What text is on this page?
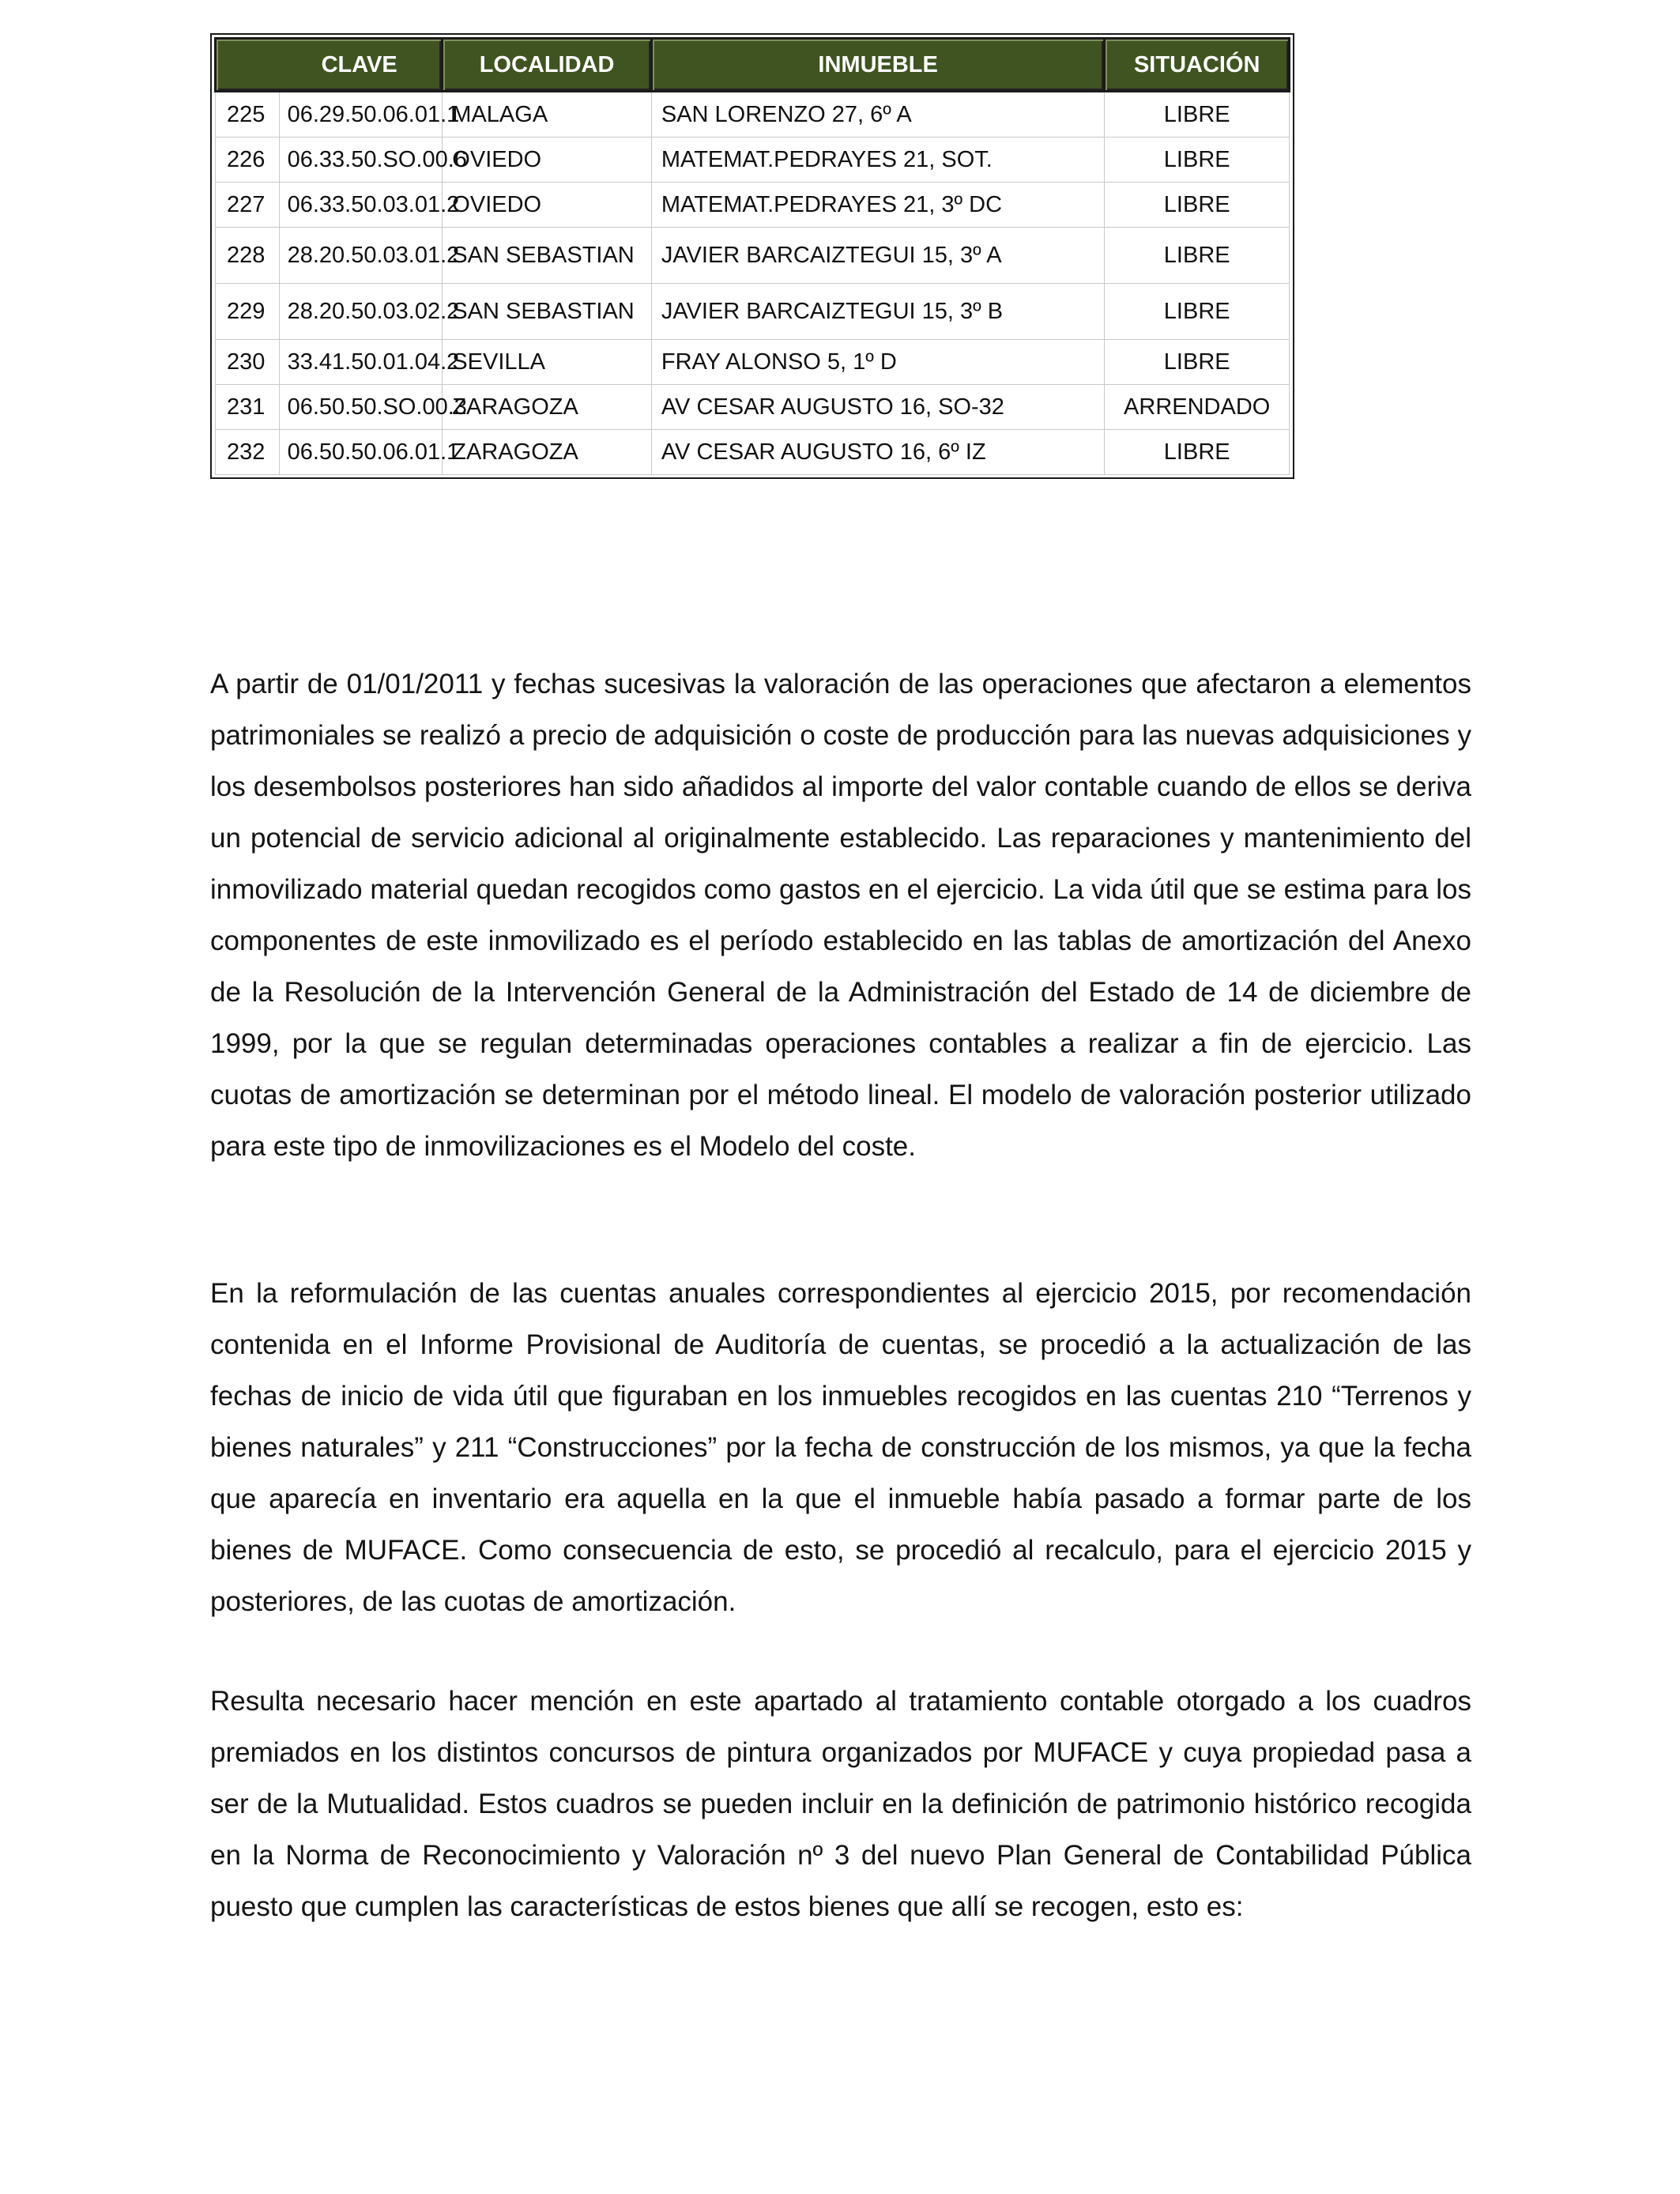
CLAVE		LOCALIDAD	INMUEBLE	SITUACIÓN
225	06.29.50.06.01.1	MALAGA	SAN LORENZO 27, 6º A	LIBRE
226	06.33.50.SO.00.6	OVIEDO	MATEMAT.PEDRAYES 21, SOT.	LIBRE
227	06.33.50.03.01.2	OVIEDO	MATEMAT.PEDRAYES 21, 3º DC	LIBRE
228	28.20.50.03.01.2	SAN SEBASTIAN	JAVIER BARCAIZTEGUI 15, 3º A	LIBRE
229	28.20.50.03.02.2	SAN SEBASTIAN	JAVIER BARCAIZTEGUI 15, 3º B	LIBRE
230	33.41.50.01.04.2	SEVILLA	FRAY ALONSO 5, 1º D	LIBRE
231	06.50.50.SO.00.3	ZARAGOZA	AV CESAR AUGUSTO 16, SO-32	ARRENDADO
232	06.50.50.06.01.1	ZARAGOZA	AV CESAR AUGUSTO 16, 6º IZ	LIBRE

A partir de 01/01/2011 y fechas sucesivas la valoración de las operaciones que afectaron a elementos patrimoniales se realizó a precio de adquisición o coste de producción para las nuevas adquisiciones y los desembolsos posteriores han sido añadidos al importe del valor contable cuando de ellos se deriva un potencial de servicio adicional al originalmente establecido. Las reparaciones y mantenimiento del inmovilizado material quedan recogidos como gastos en el ejercicio. La vida útil que se estima para los componentes de este inmovilizado es el período establecido en las tablas de amortización del Anexo de la Resolución de la Intervención General de la Administración del Estado de 14 de diciembre de 1999, por la que se regulan determinadas operaciones contables a realizar a fin de ejercicio. Las cuotas de amortización se determinan por el método lineal. El modelo de valoración posterior utilizado para este tipo de inmovilizaciones es el Modelo del coste.

En la reformulación de las cuentas anuales correspondientes al ejercicio 2015, por recomendación contenida en el Informe Provisional de Auditoría de cuentas, se procedió a la actualización de las fechas de inicio de vida útil que figuraban en los inmuebles recogidos en las cuentas 210 “Terrenos y bienes naturales” y 211 “Construcciones” por la fecha de construcción de los mismos, ya que la fecha que aparecía en inventario era aquella en la que el inmueble había pasado a formar parte de los bienes de MUFACE. Como consecuencia de esto, se procedió al recalculo, para el ejercicio 2015 y posteriores, de las cuotas de amortización.

Resulta necesario hacer mención en este apartado al tratamiento contable otorgado a los cuadros premiados en los distintos concursos de pintura organizados por MUFACE y cuya propiedad pasa a ser de la Mutualidad. Estos cuadros se pueden incluir en la definición de patrimonio histórico recogida en la Norma de Reconocimiento y Valoración nº 3 del nuevo Plan General de Contabilidad Pública puesto que cumplen las características de estos bienes que allí se recogen, esto es:
